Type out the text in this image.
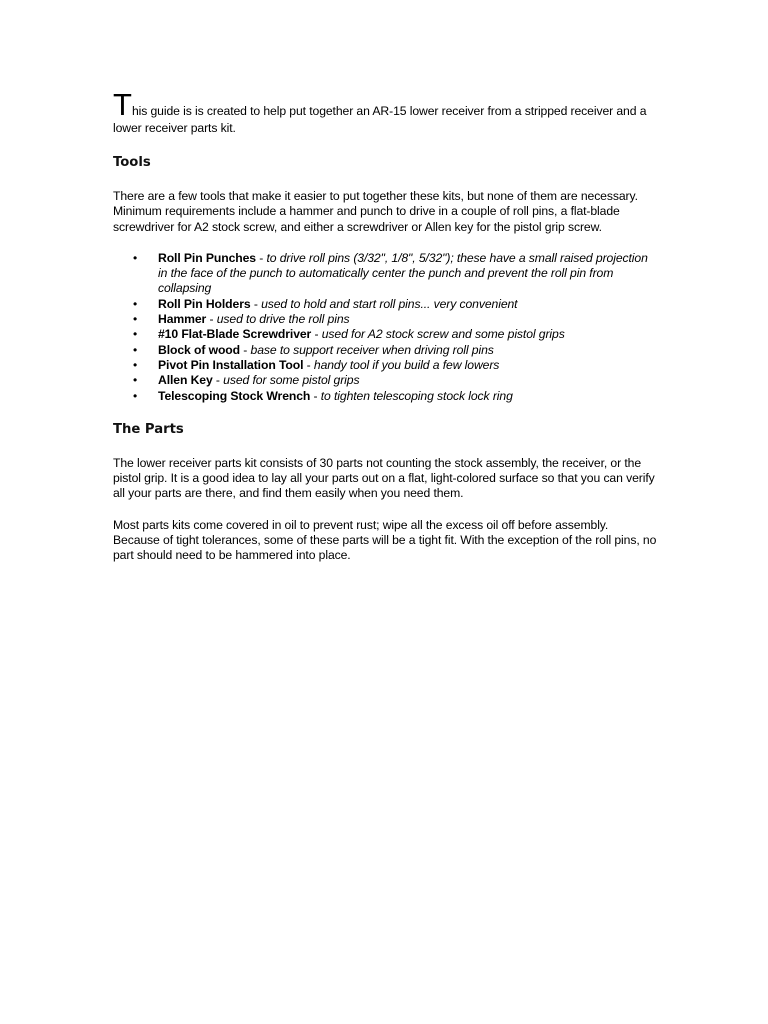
This guide is is created to help put together an AR-15 lower receiver from a stripped receiver and a lower receiver parts kit.

Tools

There are a few tools that make it easier to put together these kits, but none of them are necessary. Minimum requirements include a hammer and punch to drive in a couple of roll pins, a flat-blade screwdriver for A2 stock screw, and either a screwdriver or Allen key for the pistol grip screw.

• Roll Pin Punches - to drive roll pins (3/32", 1/8", 5/32"); these have a small raised projection in the face of the punch to automatically center the punch and prevent the roll pin from collapsing
• Roll Pin Holders - used to hold and start roll pins... very convenient
• Hammer - used to drive the roll pins
• #10 Flat-Blade Screwdriver - used for A2 stock screw and some pistol grips
• Block of wood - base to support receiver when driving roll pins
• Pivot Pin Installation Tool - handy tool if you build a few lowers
• Allen Key - used for some pistol grips
• Telescoping Stock Wrench - to tighten telescoping stock lock ring
The Parts

The lower receiver parts kit consists of 30 parts not counting the stock assembly, the receiver, or the pistol grip. It is a good idea to lay all your parts out on a flat, light-colored surface so that you can verify all your parts are there, and find them easily when you need them.

Most parts kits come covered in oil to prevent rust; wipe all the excess oil off before assembly. Because of tight tolerances, some of these parts will be a tight fit. With the exception of the roll pins, no part should need to be hammered into place.
